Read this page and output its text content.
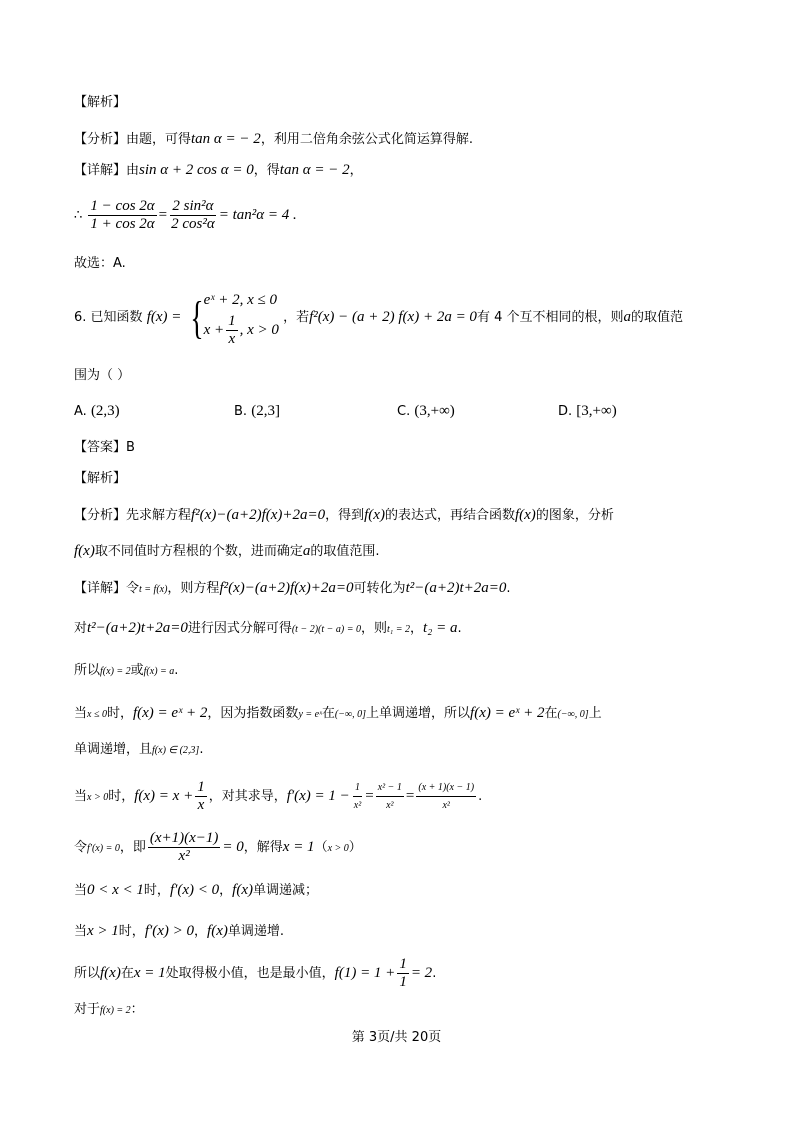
【解析】
【分析】由题，可得tan α = − 2，利用二倍角余弦公式化简运算得解.
【详解】由sin α + 2 cos α = 0，得tan α = − 2，
∴ $\frac{1 - \cos 2\alpha}{1 + \cos 2\alpha} = \frac{\text{2 sin²α}}{\text{2 cos²α}} = \tan^2\alpha = 4$ .
故选：A.
6. 已知函数 f(x) = { eˣ + 2, x ≤ 0
$x + \frac{1}{x}$ , x > 0
，若f²(x) − (a + 2) f(x) + 2a = 0有 4 个互不相同的根，则a的取值范
围为（ ）
A. (2,3)	B. (2,3]	C. (3,+∞)	D. [3,+∞)
【答案】B
【解析】
【分析】先求解方程f²(x)−(a+2)f(x)+2a=0，得到f(x)的表达式，再结合函数f(x)的图象，分析
f(x)取不同值时方程根的个数，进而确定a的取值范围.
【详解】令t = f(x)，则方程f²(x)−(a+2)f(x)+2a=0可转化为t²−(a+2)t+2a=0.
对t²−(a+2)t+2a=0进行因式分解可得(t − 2)(t − a) = 0，则t₁ = 2，t₂ = a.
所以f(x) = 2或f(x) = a.
当x ≤ 0时，f(x) = eˣ + 2，因为指数函数y = eˣ在(−∞, 0]上单调递增，所以f(x) = eˣ + 2在(−∞, 0]上
单调递增，且f(x) ∈ (2,3].
当x > 0时，$f(x) = x + \frac{1}{x}$ ，对其求导，$f'(x) = 1 - \frac{1}{\text{x²}} = \frac{\text{x² − 1}}{\text{x²}} = \frac{(x + 1)(x - 1)}{\text{x²}}$ .
令f′(x) = 0，即 $\frac{(x+1)(x-1)}{\text{x²}} = 0$，解得x = 1（x > 0）
当0 < x < 1时，f′(x) < 0，f(x)单调递减；
当x > 1时，f′(x) > 0，f(x)单调递增.
所以f(x)在x = 1处取得极小值，也是最小值，$f(1) = 1 + \frac{1}{1} = 2$.
对于f(x) = 2：
第 3页/共 20页
